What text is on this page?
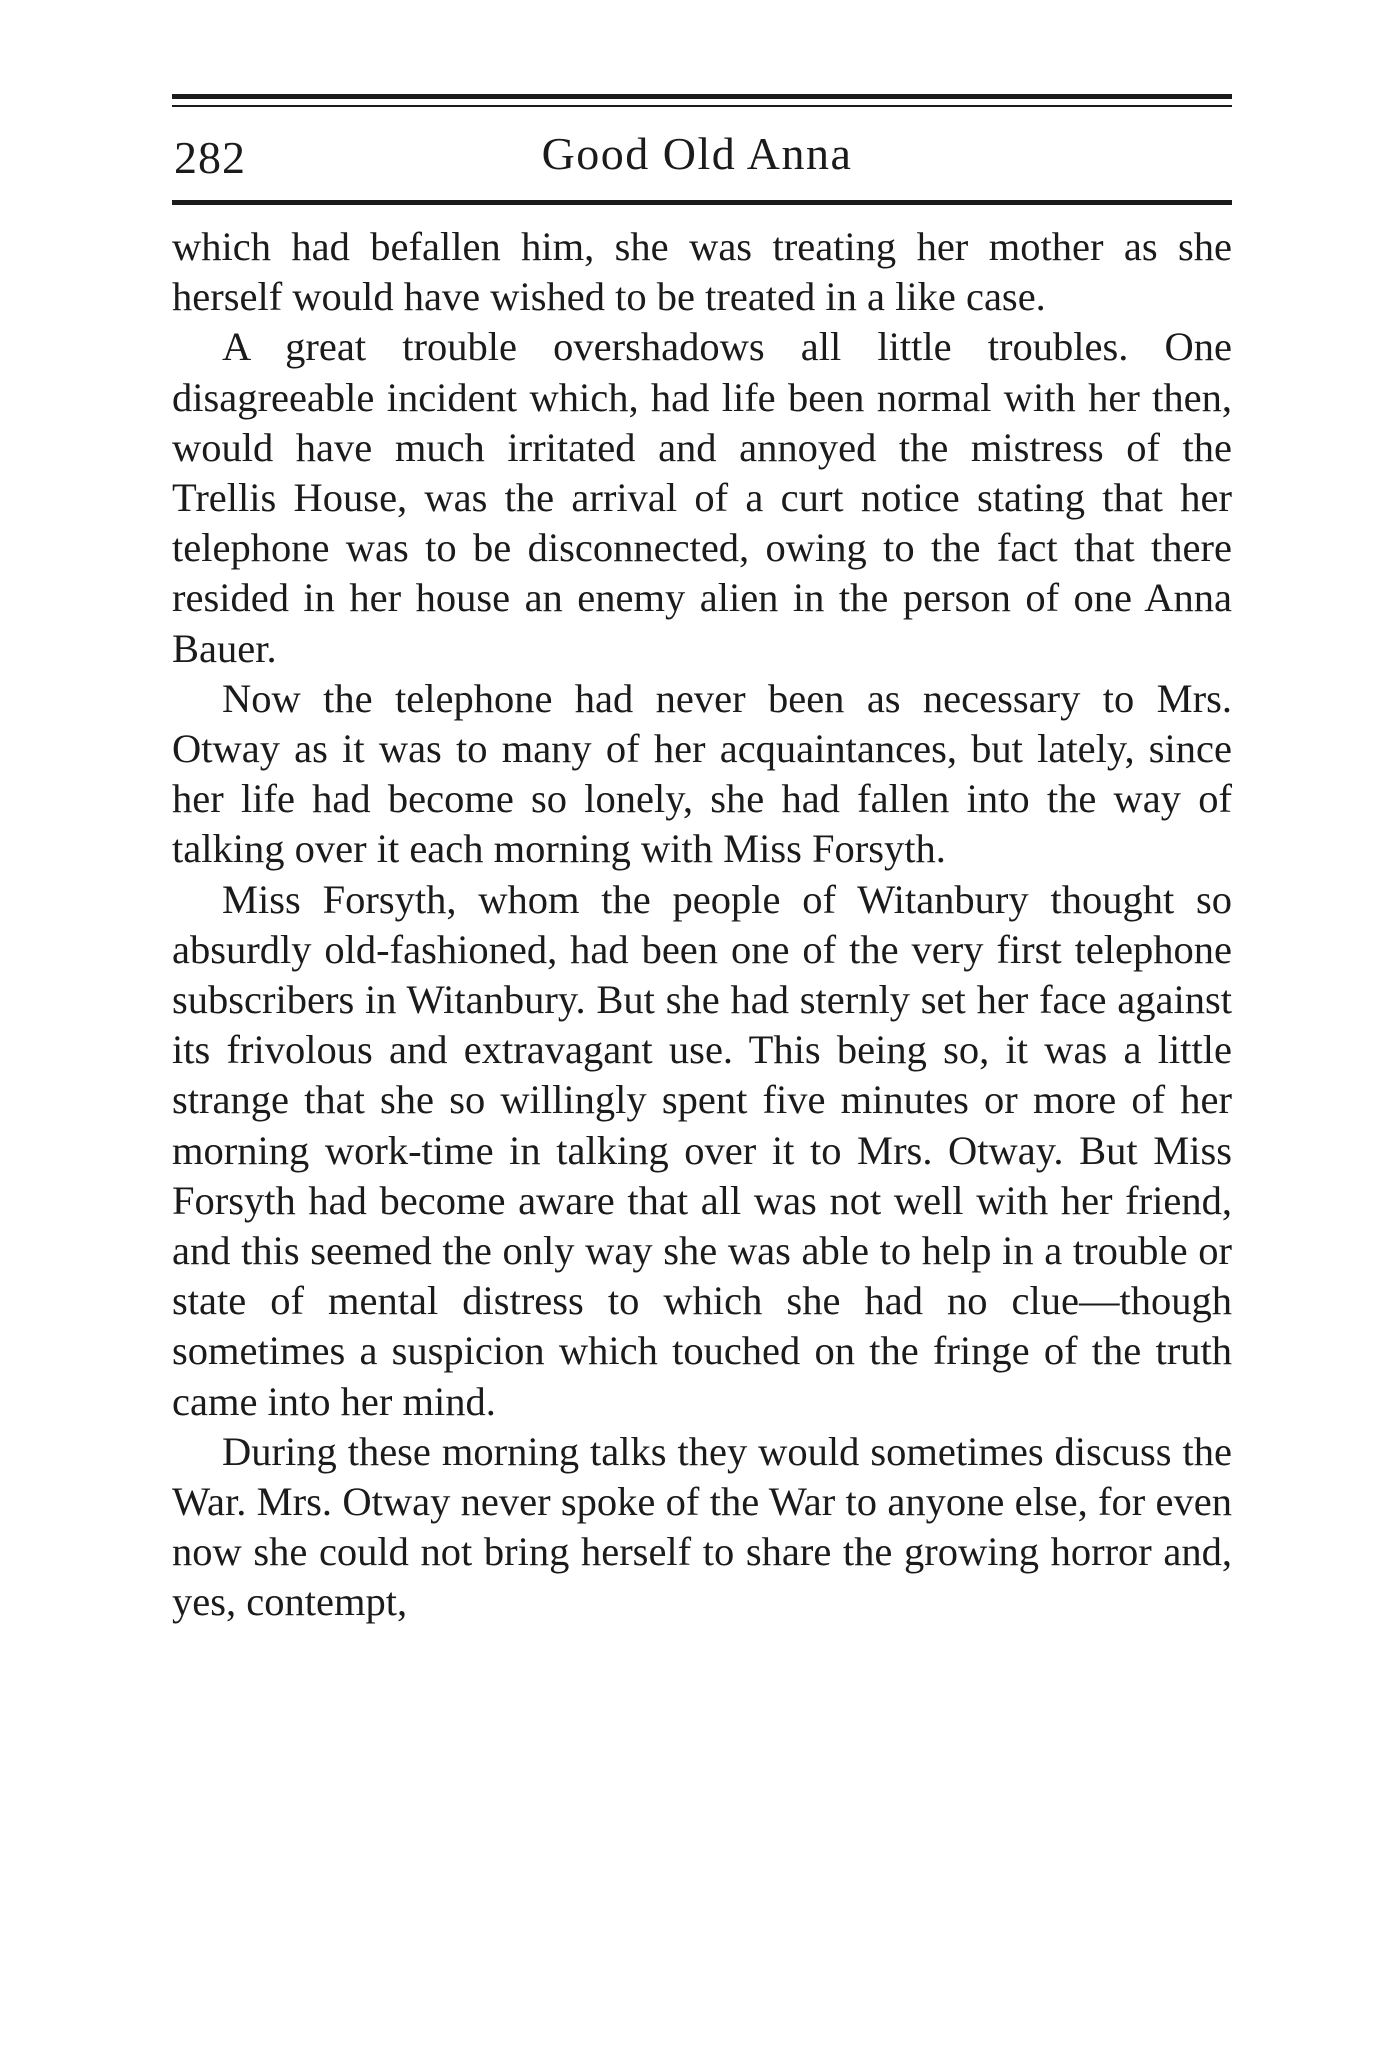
282	Good Old Anna

which had befallen him, she was treating her mother as she herself would have wished to be treated in a like case.

A great trouble overshadows all little troubles. One disagreeable incident which, had life been normal with her then, would have much irritated and annoyed the mistress of the Trellis House, was the arrival of a curt notice stating that her telephone was to be disconnected, owing to the fact that there resided in her house an enemy alien in the person of one Anna Bauer.

Now the telephone had never been as necessary to Mrs. Otway as it was to many of her acquaintances, but lately, since her life had become so lonely, she had fallen into the way of talking over it each morning with Miss Forsyth.

Miss Forsyth, whom the people of Witanbury thought so absurdly old-fashioned, had been one of the very first telephone subscribers in Witanbury. But she had sternly set her face against its frivolous and extravagant use. This being so, it was a little strange that she so willingly spent five minutes or more of her morning work-time in talking over it to Mrs. Otway. But Miss Forsyth had become aware that all was not well with her friend, and this seemed the only way she was able to help in a trouble or state of mental distress to which she had no clue—though sometimes a suspicion which touched on the fringe of the truth came into her mind.

During these morning talks they would sometimes discuss the War. Mrs. Otway never spoke of the War to anyone else, for even now she could not bring herself to share the growing horror and, yes, contempt,
